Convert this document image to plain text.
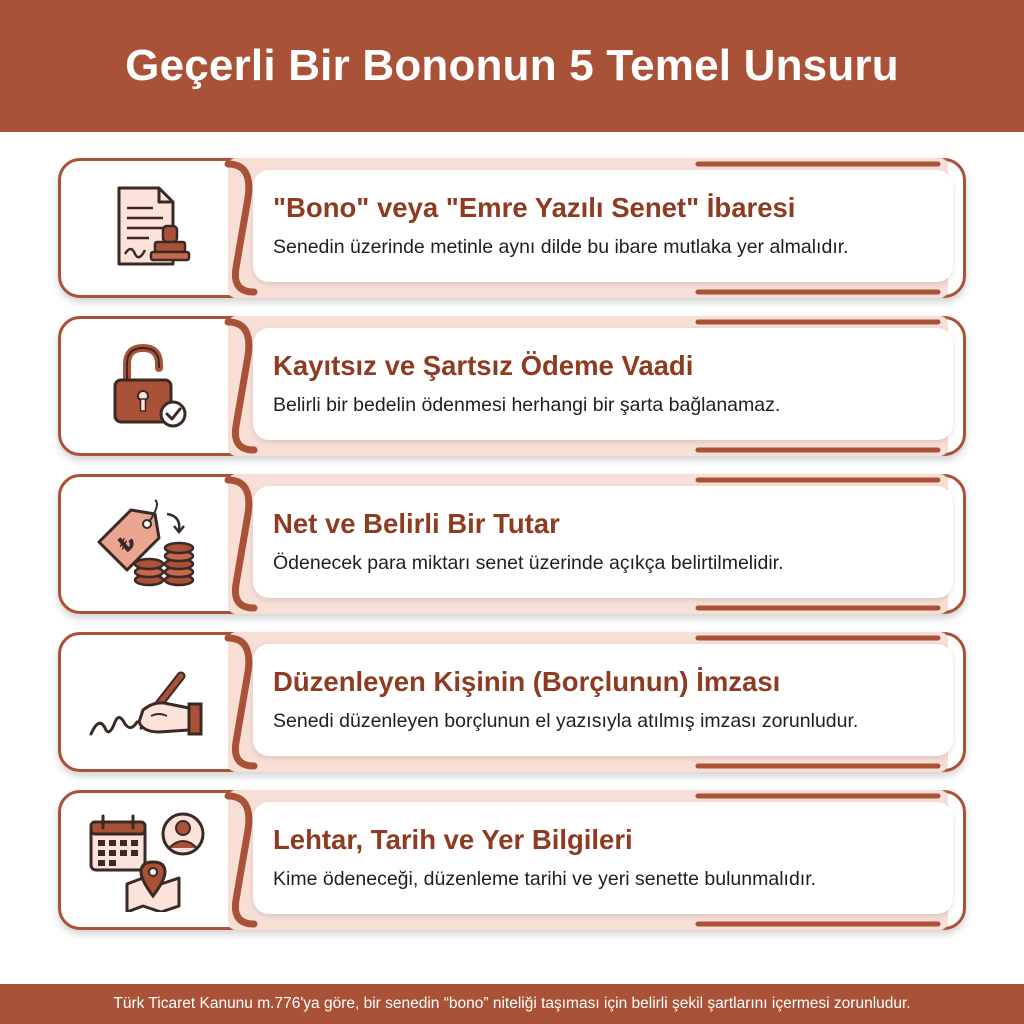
Geçerli Bir Bononun 5 Temel Unsuru
"Bono" veya "Emre Yazılı Senet" İbaresi
Senedin üzerinde metinle aynı dilde bu ibare mutlaka yer almalıdır.
Kayıtsız ve Şartsız Ödeme Vaadi
Belirli bir bedelin ödenmesi herhangi bir şarta bağlanamaz.
₺
Net ve Belirli Bir Tutar
Ödenecek para miktarı senet üzerinde açıkça belirtilmelidir.
Düzenleyen Kişinin (Borçlunun) İmzası
Senedi düzenleyen borçlunun el yazısıyla atılmış imzası zorunludur.
Lehtar, Tarih ve Yer Bilgileri
Kime ödeneceği, düzenleme tarihi ve yeri senette bulunmalıdır.

Türk Ticaret Kanunu m.776'ya göre, bir senedin “bono” niteliği taşıması için belirli şekil şartlarını içermesi zorunludur.
